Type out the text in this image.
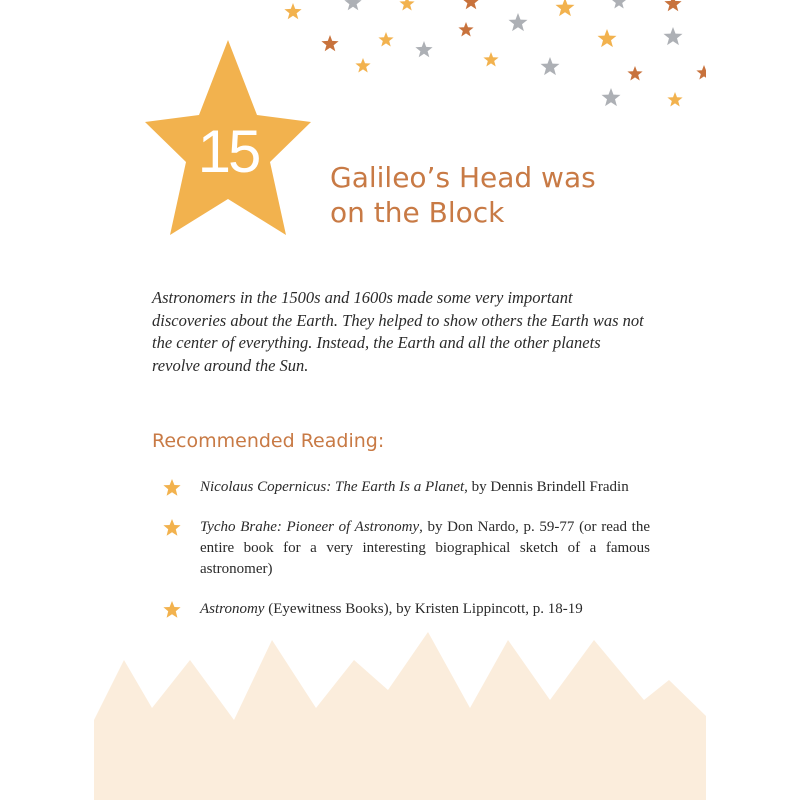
15	Galileo’s Head was
on the Block

Astronomers in the 1500s and 1600s made some very important discoveries about the Earth. They helped to show others the Earth was not the center of everything. Instead, the Earth and all the other planets revolve around the Sun.

Recommended Reading:
Nicolaus Copernicus: The Earth Is a Planet, by Dennis Brindell Fradin
Tycho Brahe: Pioneer of Astronomy, by Don Nardo, p. 59-77 (or read the entire book for a very interesting biographical sketch of a famous astronomer)
Astronomy (Eyewitness Books), by Kristen Lippincott, p. 18-19
